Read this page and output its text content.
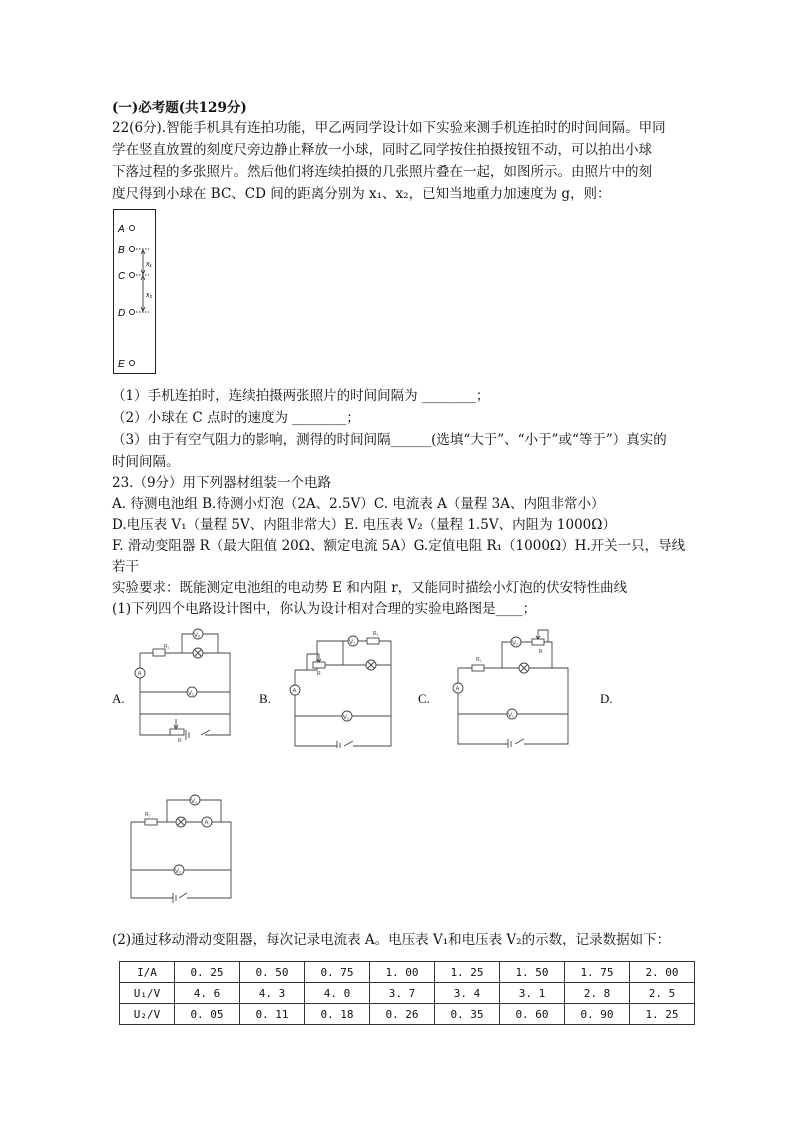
(一)必考题(共129分)
22(6分).智能手机具有连拍功能，甲乙两同学设计如下实验来测手机连拍时的时间间隔。甲同
学在竖直放置的刻度尺旁边静止释放一小球，同时乙同学按住拍摄按钮不动，可以拍出小球
下落过程的多张照片。然后他们将连续拍摄的几张照片叠在一起，如图所示。由照片中的刻
度尺得到小球在 BC、CD 间的距离分别为 x₁、x₂，已知当地重力加速度为 g，则：
A
B
C
D
E
x₁
x₂
（1）手机连拍时，连续拍摄两张照片的时间间隔为 ________；
（2）小球在 C 点时的速度为 ________；
（3）由于有空气阻力的影响，测得的时间间隔______(选填“大于”、“小于”或“等于”）真实的
时间间隔。
23.（9分）用下列器材组装一个电路
A. 待测电池组 B.待测小灯泡（2A、2.5V）C. 电流表 A（量程 3A、内阻非常小）
D.电压表 V₁（量程 5V、内阻非常大）E. 电压表 V₂（量程 1.5V、内阻为 1000Ω）
F. 滑动变阻器 R（最大阻值 20Ω、额定电流 5A）G.定值电阻 R₁（1000Ω）H.开关一只，导线
若干
实验要求：既能测定电池组的电动势 E 和内阻 r，又能同时描绘小灯泡的伏安特性曲线
(1)下列四个电路设计图中，你认为设计相对合理的实验电路图是____；
A.	B.	C.	D.
V₂
R₁
A
V₁
R
R
V₂
R₁
A
V₁
R₁
V₂
R
A
V₁
R₁
A
V₂
V₁
(2)通过移动滑动变阻器，每次记录电流表 A。电压表 V₁和电压表 V₂的示数，记录数据如下：
I/A	0. 25	0. 50	0. 75	1. 00	1. 25	1. 50	1. 75	2. 00
U₁/V	4. 6	4. 3	4. 0	3. 7	3. 4	3. 1	2. 8	2. 5
U₂/V	0. 05	0. 11	0. 18	0. 26	0. 35	0. 60	0. 90	1. 25
